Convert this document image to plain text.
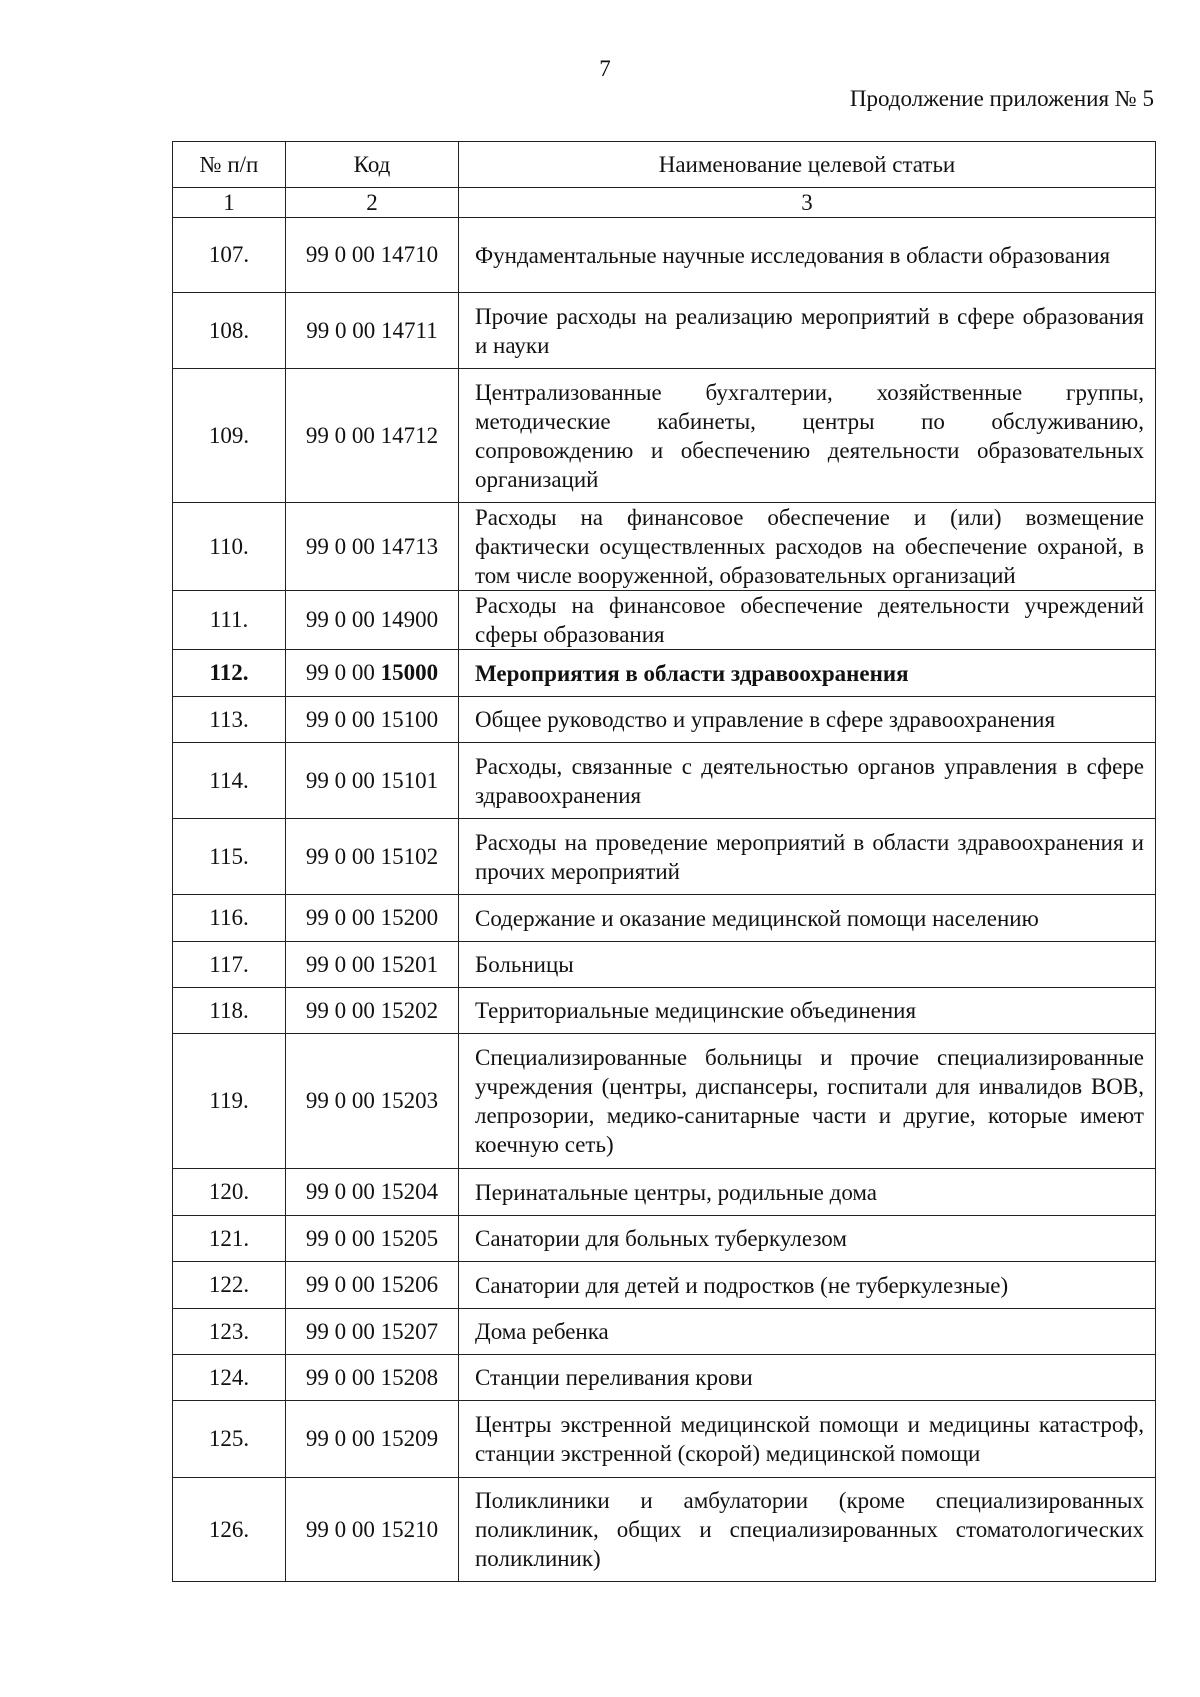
7
Продолжение приложения № 5
№ п/п	Код	Наименование целевой статьи
1	2	3
107.	99 0 00 14710	Фундаментальные научные исследования в области образования
108.	99 0 00 14711	Прочие расходы на реализацию мероприятий в сфере образования и науки
109.	99 0 00 14712	Централизованные бухгалтерии, хозяйственные группы, методические кабинеты, центры по обслуживанию, сопровождению и обеспечению деятельности образовательных организаций
110.	99 0 00 14713	Расходы на финансовое обеспечение и (или) возмещение фактически осуществленных расходов на обеспечение охраной, в том числе вооруженной, образовательных организаций
111.	99 0 00 14900	Расходы на финансовое обеспечение деятельности учреждений сферы образования
112.	99 0 00 15000	Мероприятия в области здравоохранения
113.	99 0 00 15100	Общее руководство и управление в сфере здравоохранения
114.	99 0 00 15101	Расходы, связанные с деятельностью органов управления в сфере здравоохранения
115.	99 0 00 15102	Расходы на проведение мероприятий в области здравоохранения и прочих мероприятий
116.	99 0 00 15200	Содержание и оказание медицинской помощи населению
117.	99 0 00 15201	Больницы
118.	99 0 00 15202	Территориальные медицинские объединения
119.	99 0 00 15203	Специализированные больницы и прочие специализированные учреждения (центры, диспансеры, госпитали для инвалидов ВОВ, лепрозории, медико-санитарные части и другие, которые имеют коечную сеть)
120.	99 0 00 15204	Перинатальные центры, родильные дома
121.	99 0 00 15205	Санатории для больных туберкулезом
122.	99 0 00 15206	Санатории для детей и подростков (не туберкулезные)
123.	99 0 00 15207	Дома ребенка
124.	99 0 00 15208	Станции переливания крови
125.	99 0 00 15209	Центры экстренной медицинской помощи и медицины катастроф, станции экстренной (скорой) медицинской помощи
126.	99 0 00 15210	Поликлиники и амбулатории (кроме специализированных поликлиник, общих и специализированных стоматологических поликлиник)
